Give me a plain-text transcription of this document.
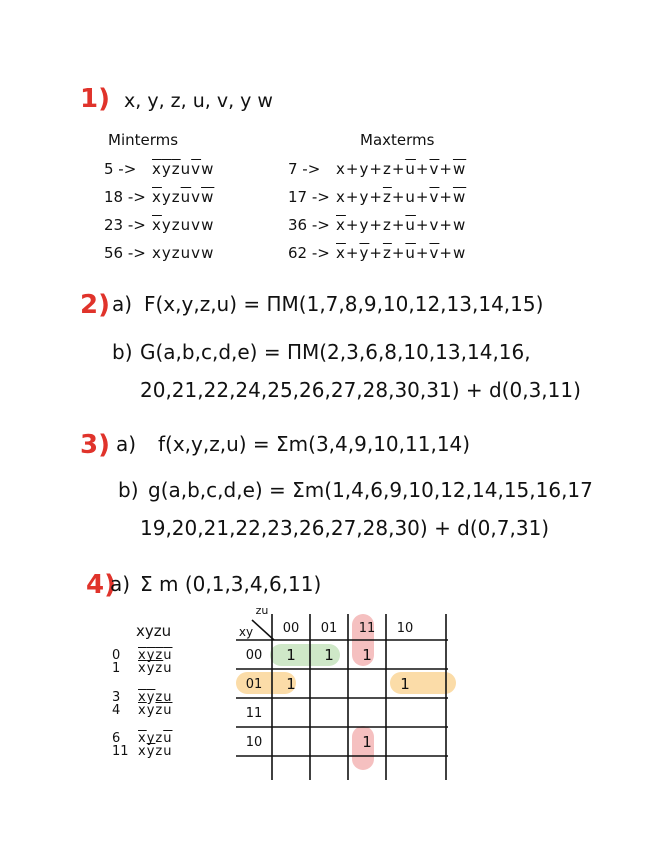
1) x, y, z, u, v, y w
Minterms	Maxterms
$5 -> \overline{x}\overline{y}\overline{z}u\overline{v}w$
$18 -> \overline{x}yz\overline{u}v\overline{w}$
$23 -> \overline{x}yzuvw$
56 -> xyzuvw
$7 -> x+y+z+\overline{u}+\overline{v}+\overline{w}$
$17 -> x+y+\overline{z}+u+\overline{v}+\overline{w}$
$36 -> \overline{x}+y+z+\overline{u}+v+w$
$62 -> \overline{x}+\overline{y}+\overline{z}+\overline{u}+\overline{v}+w$
2) a) F(x,y,z,u) = ΠM(1,7,8,9,10,12,13,14,15)
b) G(a,b,c,d,e) = ΠM(2,3,6,8,10,13,14,16,
20,21,22,24,25,26,27,28,30,31) + d(0,3,11)
3) a) f(x,y,z,u) = Σm(3,4,9,10,11,14)
b) g(a,b,c,d,e) = Σm(1,4,6,9,10,12,14,15,16,17
19,20,21,22,23,26,27,28,30) + d(0,7,31)
4)
a) Σ m (0,1,3,4,6,11)
xyzu
0 $\overline{x}\overline{y}\overline{z}\overline{u}$
1 $\overline{x}\overline{y}\overline{z}u$
3 $\overline{x}\overline{y}zu$
4 $\overline{x}y\overline{z}\overline{u}$
6 $\overline{x}yz\overline{u}$
11 $x\overline{y}zu$
zu
xy 00 01 11 10
00
01
11
10
1 1 1
1	1
1
